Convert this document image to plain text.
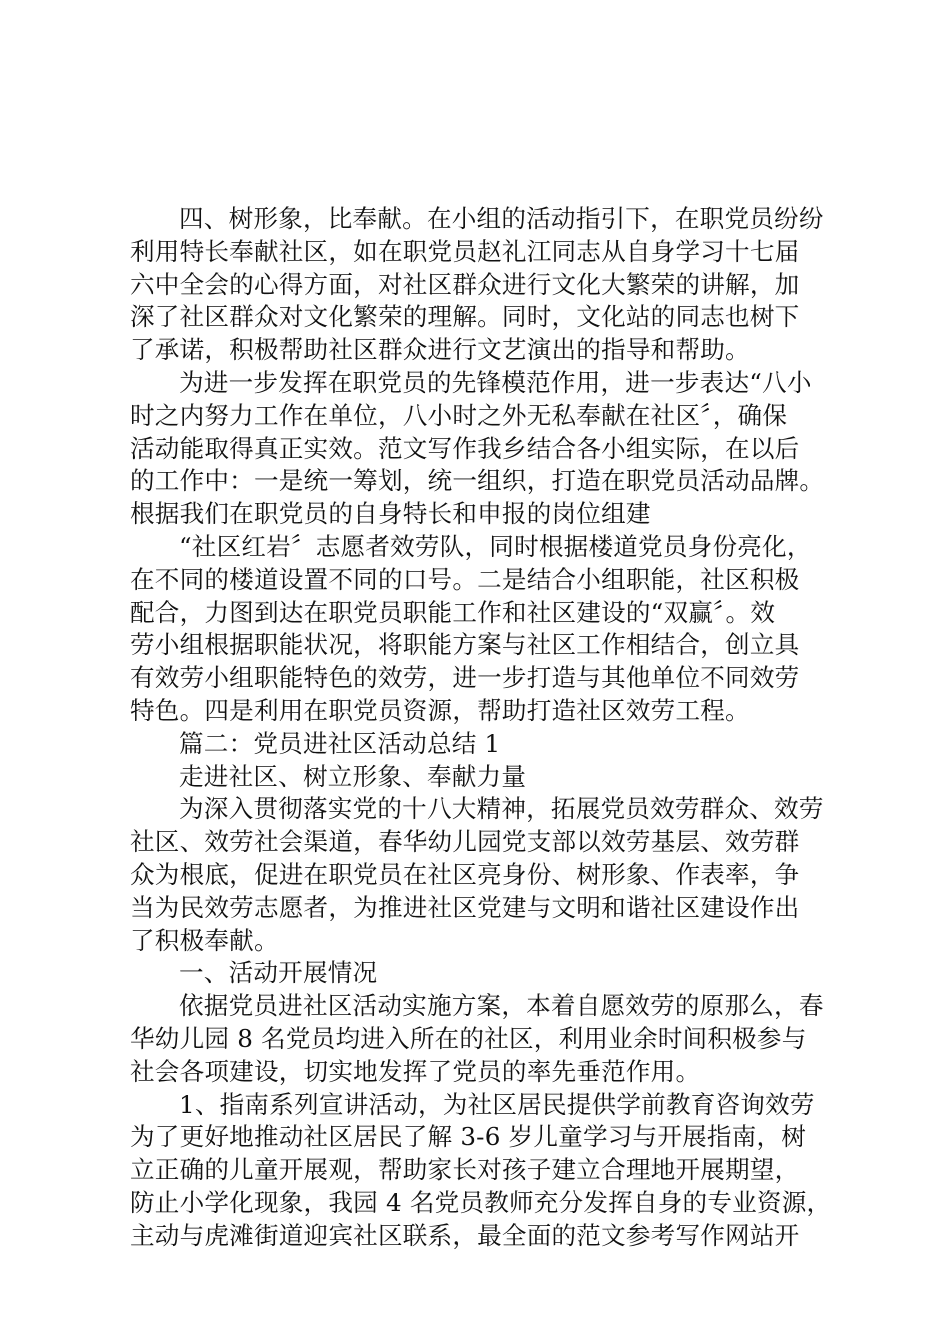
四、树形象，比奉献。在小组的活动指引下，在职党员纷纷
利用特长奉献社区，如在职党员赵礼江同志从自身学习十七届
六中全会的心得方面，对社区群众进行文化大繁荣的讲解，加
深了社区群众对文化繁荣的理解。同时，文化站的同志也树下
了承诺，积极帮助社区群众进行文艺演出的指导和帮助。
为进一步发挥在职党员的先锋模范作用，进一步表达“八小
时之内努力工作在单位，八小时之外无私奉献在社区〞，确保
活动能取得真正实效。范文写作我乡结合各小组实际，在以后
的工作中：一是统一筹划，统一组织，打造在职党员活动品牌。
根据我们在职党员的自身特长和申报的岗位组建
“社区红岩〞志愿者效劳队，同时根据楼道党员身份亮化，
在不同的楼道设置不同的口号。二是结合小组职能，社区积极
配合，力图到达在职党员职能工作和社区建设的“双赢〞。效
劳小组根据职能状况，将职能方案与社区工作相结合，创立具
有效劳小组职能特色的效劳，进一步打造与其他单位不同效劳
特色。四是利用在职党员资源，帮助打造社区效劳工程。
篇二：党员进社区活动总结 1
走进社区、树立形象、奉献力量
为深入贯彻落实党的十八大精神，拓展党员效劳群众、效劳
社区、效劳社会渠道，春华幼儿园党支部以效劳基层、效劳群
众为根底，促进在职党员在社区亮身份、树形象、作表率，争
当为民效劳志愿者，为推进社区党建与文明和谐社区建设作出
了积极奉献。
一、活动开展情况
依据党员进社区活动实施方案，本着自愿效劳的原那么，春
华幼儿园 8 名党员均进入所在的社区，利用业余时间积极参与
社会各项建设，切实地发挥了党员的率先垂范作用。
1、指南系列宣讲活动，为社区居民提供学前教育咨询效劳
为了更好地推动社区居民了解 3-6 岁儿童学习与开展指南，树
立正确的儿童开展观，帮助家长对孩子建立合理地开展期望，
防止小学化现象，我园 4 名党员教师充分发挥自身的专业资源，
主动与虎滩街道迎宾社区联系，最全面的范文参考写作网站开
